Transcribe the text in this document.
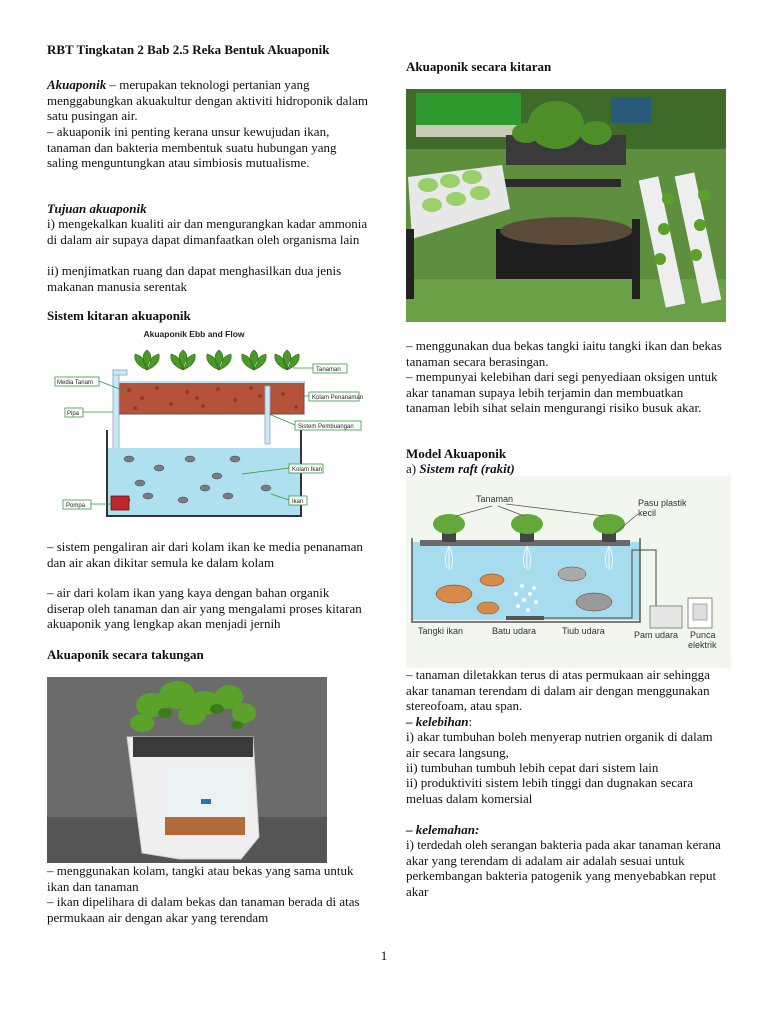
RBT Tingkatan 2 Bab 2.5 Reka Bentuk Akuaponik

Akuaponik – merupakan teknologi pertanian yang menggabungkan akuakultur dengan aktiviti hidroponik dalam satu pusingan air.

– akuaponik ini penting kerana unsur kewujudan ikan, tanaman dan bakteria membentuk suatu hubungan yang saling menguntungkan atau simbiosis mutualisme.

Tujuan akuaponik

i) mengekalkan kualiti air dan mengurangkan kadar ammonia di dalam air supaya dapat dimanfaatkan oleh organisma lain

ii) menjimatkan ruang dan dapat menghasilkan dua jenis makanan manusia serentak

Sistem kitaran akuaponik

Akuaponik Ebb and Flow
Media Tanam
Pipa
Pompa
Tanaman
Kolam Penanaman
Sistem Pembuangan
Kolam Ikan
Ikan

– sistem pengaliran air dari kolam ikan ke media penanaman dan air akan dikitar semula ke dalam kolam

– air dari kolam ikan yang kaya dengan bahan organik diserap oleh tanaman dan air yang mengalami proses kitaran akuaponik yang lengkap akan menjadi jernih

Akuaponik secara takungan

– menggunakan kolam, tangki atau bekas yang sama untuk ikan dan tanaman

– ikan dipelihara di dalam bekas dan tanaman berada di atas permukaan air dengan akar yang terendam

Akuaponik secara kitaran

– menggunakan dua bekas tangki iaitu tangki ikan dan bekas tanaman secara berasingan.

– mempunyai kelebihan dari segi penyediaan oksigen untuk akar tanaman supaya lebih terjamin dan membuatkan tanaman lebih sihat selain mengurangi risiko busuk akar.

Model Akuaponik

a) Sistem raft (rakit)

Tanaman	Pasu plastik
kecil
Tangki ikan	Batu udara	Tiub udara	Pam udara Punca
elektrik

– tanaman diletakkan terus di atas permukaan air sehingga akar tanaman terendam di dalam air dengan menggunakan stereofoam, atau span.

– kelebihan:

i) akar tumbuhan boleh menyerap nutrien organik di dalam air secara langsung,

ii) tumbuhan tumbuh lebih cepat dari sistem lain

ii) produktiviti sistem lebih tinggi dan dugnakan secara meluas dalam komersial

– kelemahan:

i) terdedah oleh serangan bakteria pada akar tanaman kerana akar yang terendam di adalam air adalah sesuai untuk perkembangan bakteria patogenik yang menyebabkan reput akar

1
